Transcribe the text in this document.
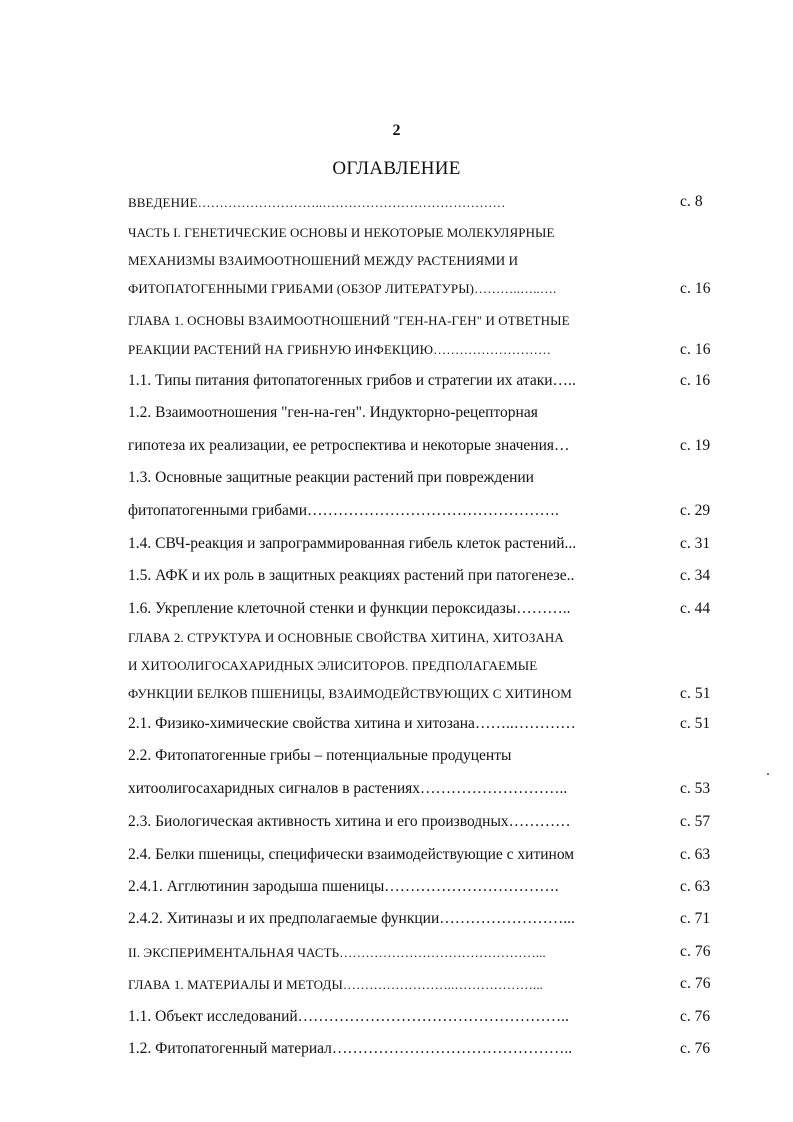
2
ОГЛАВЛЕНИЕ
ВВЕДЕНИЕ………………………..……………………………………	с. 8
ЧАСТЬ I. ГЕНЕТИЧЕСКИЕ ОСНОВЫ И НЕКОТОРЫЕ МОЛЕКУЛЯРНЫЕ
МЕХАНИЗМЫ ВЗАИМООТНОШЕНИЙ МЕЖДУ РАСТЕНИЯМИ И
ФИТОПАТОГЕННЫМИ ГРИБАМИ (ОБЗОР ЛИТЕРАТУРЫ)………..…..….	с. 16
ГЛАВА 1. ОСНОВЫ ВЗАИМООТНОШЕНИЙ "ГЕН-НА-ГЕН" И ОТВЕТНЫЕ
РЕАКЦИИ РАСТЕНИЙ НА ГРИБНУЮ ИНФЕКЦИЮ………………………	с. 16
1.1. Типы питания фитопатогенных грибов и стратегии их атаки…..	с. 16
1.2. Взаимоотношения "ген-на-ген". Индукторно-рецепторная
гипотеза их реализации, ее ретроспектива и некоторые значения…	с. 19
1.3. Основные защитные реакции растений при повреждении
фитопатогенными грибами………………………………………….	с. 29
1.4. СВЧ-реакция и запрограммированная гибель клеток растений...	с. 31
1.5. АФК и их роль в защитных реакциях растений при патогенезе..	с. 34
1.6. Укрепление клеточной стенки и функции пероксидазы………..	с. 44
ГЛАВА 2. СТРУКТУРА И ОСНОВНЫЕ СВОЙСТВА ХИТИНА, ХИТОЗАНА
И ХИТООЛИГОСАХАРИДНЫХ ЭЛИСИТОРОВ. ПРЕДПОЛАГАЕМЫЕ
ФУНКЦИИ БЕЛКОВ ПШЕНИЦЫ, ВЗАИМОДЕЙСТВУЮЩИХ С ХИТИНОМ	с. 51
2.1. Физико-химические свойства хитина и хитозана……..…………	с. 51
2.2. Фитопатогенные грибы – потенциальные продуценты
хитоолигосахаридных сигналов в растениях………………………..	с. 53
2.3. Биологическая активность хитина и его производных…………	с. 57
2.4. Белки пшеницы, специфически взаимодействующие с хитином	с. 63
2.4.1. Агглютинин зародыша пшеницы…………………………….	с. 63
2.4.2. Хитиназы и их предполагаемые функции……………………...	с. 71
II. ЭКСПЕРИМЕНТАЛЬНАЯ ЧАСТЬ………………………………………...	с. 76
ГЛАВА 1. МАТЕРИАЛЫ И МЕТОДЫ……………………..………………...	с. 76
1.1. Объект исследований……………………………………………..	с. 76
1.2. Фитопатогенный материал………………………………………..	с. 76
